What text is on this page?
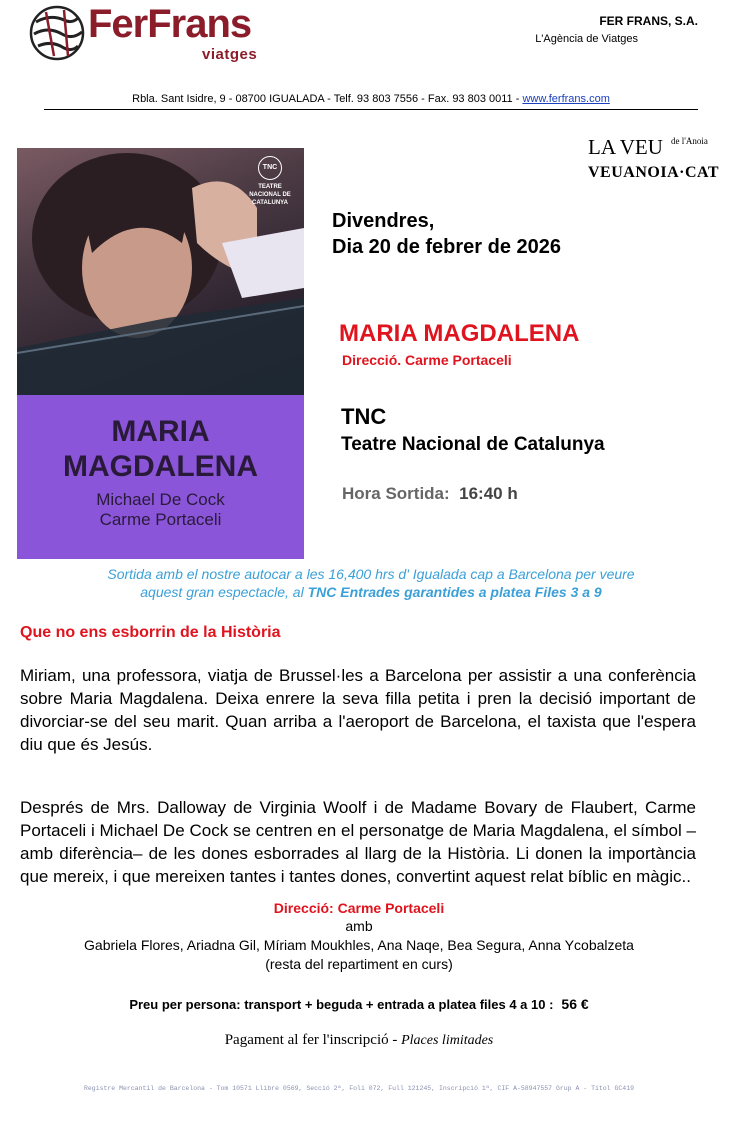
FerFrans
viatges
FER FRANS, S.A.
L'Agència de Viatges
Rbla. Sant Isidre, 9 - 08700 IGUALADA - Telf. 93 803 7556 - Fax. 93 803 0011 - www.ferfrans.com
LA VEU de l'Anoia
VEUANOIA·CAT
TNC
TEATRE NACIONAL DE CATALUNYA
MARIA
MAGDALENA
Michael De Cock
Carme Portaceli
Divendres,
Dia 20 de febrer de 2026
MARIA MAGDALENA
Direcció. Carme Portaceli
TNC
Teatre Nacional de Catalunya
Hora Sortida: 16:40 h
Sortida amb el nostre autocar a les 16,400 hrs d' Igualada cap a Barcelona per veure
aquest gran espectacle, al TNC Entrades garantides a platea Files 3 a 9
Que no ens esborrin de la Història
Miriam, una professora, viatja de Brussel·les a Barcelona per assistir a una conferència sobre Maria Magdalena. Deixa enrere la seva filla petita i pren la decisió important de divorciar-se del seu marit. Quan arriba a l'aeroport de Barcelona, el taxista que l'espera diu que és Jesús.
Després de Mrs. Dalloway de Virginia Woolf i de Madame Bovary de Flaubert, Carme Portaceli i Michael De Cock se centren en el personatge de Maria Magdalena, el símbol –amb diferència– de les dones esborrades al llarg de la Història. Li donen la importància que mereix, i que mereixen tantes i tantes dones, convertint aquest relat bíblic en màgic..
Direcció: Carme Portaceli
amb
Gabriela Flores, Ariadna Gil, Míriam Moukhles, Ana Naqe, Bea Segura, Anna Ycobalzeta
(resta del repartiment en curs)
Preu per persona: transport + beguda + entrada a platea files 4 a 10 : 56 €
Pagament al fer l'inscripció - Places limitades
Registre Mercantil de Barcelona - Tom 10571 Llibre 0569, Secció 2ª, Foli 072, Full 121245, Inscripció 1ª, CIF A-58947557 Grup A - Títol GC419
